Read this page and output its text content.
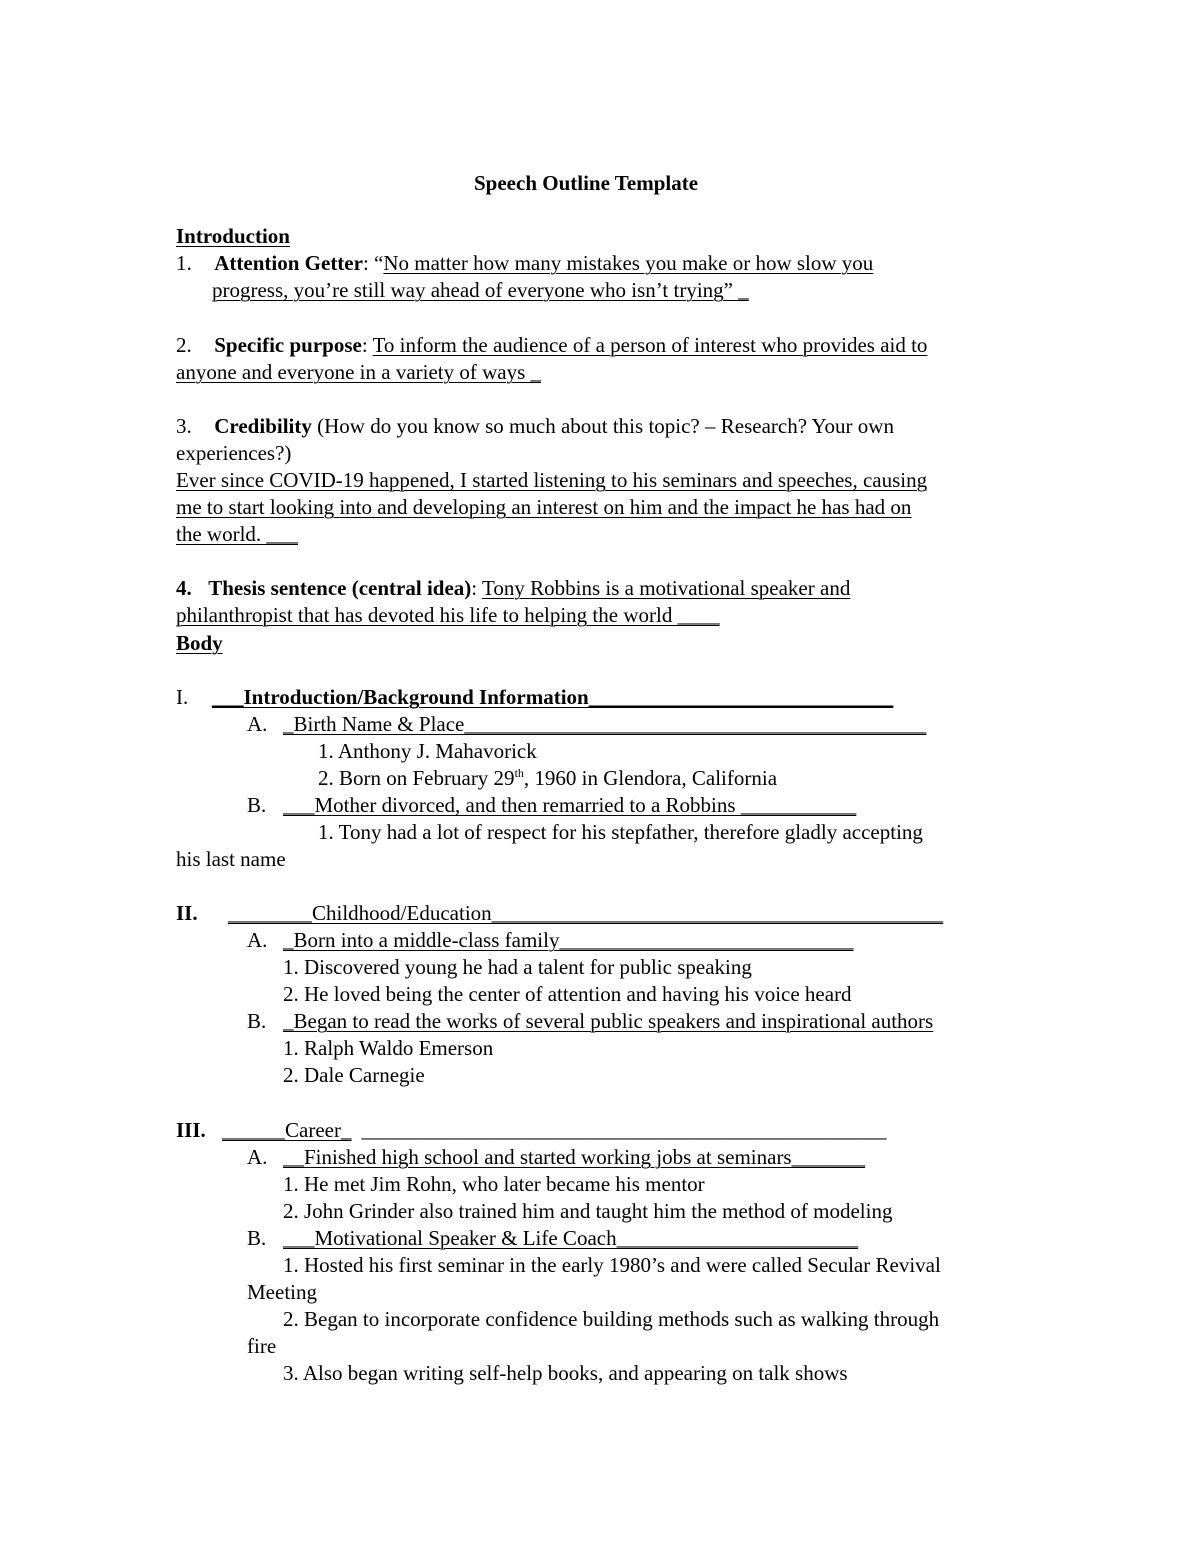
Speech Outline Template
Introduction
1. Attention Getter: “No matter how many mistakes you make or how slow you
progress, you’re still way ahead of everyone who isn’t trying” _
2. Specific purpose: To inform the audience of a person of interest who provides aid to
anyone and everyone in a variety of ways _
3. Credibility (How do you know so much about this topic? – Research? Your own
experiences?)
Ever since COVID-19 happened, I started listening to his seminars and speeches, causing
me to start looking into and developing an interest on him and the impact he has had on
the world. ___
4. Thesis sentence (central idea): Tony Robbins is a motivational speaker and
philanthropist that has devoted his life to helping the world ____
Body
I. ___Introduction/Background Information_____________________________
A. _Birth Name & Place____________________________________________
1. Anthony J. Mahavorick
2. Born on February 29th, 1960 in Glendora, California
B. ___Mother divorced, and then remarried to a Robbins ___________
1. Tony had a lot of respect for his stepfather, therefore gladly accepting
his last name
II. ________Childhood/Education___________________________________________
A. _Born into a middle-class family____________________________
1. Discovered young he had a talent for public speaking
2. He loved being the center of attention and having his voice heard
B. _Began to read the works of several public speakers and inspirational authors
1. Ralph Waldo Emerson
2. Dale Carnegie
III. ______Career_ __________________________________________________
A. __Finished high school and started working jobs at seminars_______
1. He met Jim Rohn, who later became his mentor
2. John Grinder also trained him and taught him the method of modeling
B. ___Motivational Speaker & Life Coach_______________________
1. Hosted his first seminar in the early 1980’s and were called Secular Revival
Meeting
2. Began to incorporate confidence building methods such as walking through
fire
3. Also began writing self-help books, and appearing on talk shows
